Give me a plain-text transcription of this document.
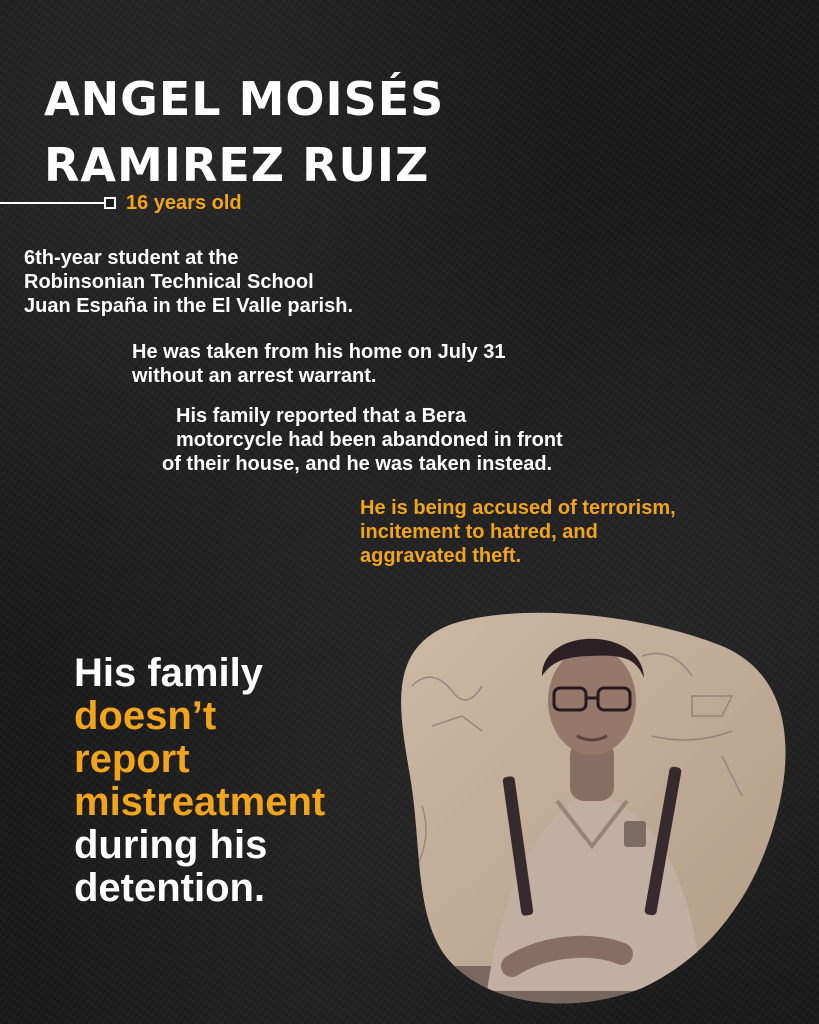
ANGEL MOISÉS
RAMIREZ RUIZ
16 years old

6th-year student at the
Robinsonian Technical School
Juan España in the El Valle parish.

He was taken from his home on July 31
without an arrest warrant.

His family reported that a Bera
motorcycle had been abandoned in front
of their house, and he was taken instead.

He is being accused of terrorism,
incitement to hatred, and
aggravated theft.

His family
doesn’t
report
mistreatment
during his
detention.
